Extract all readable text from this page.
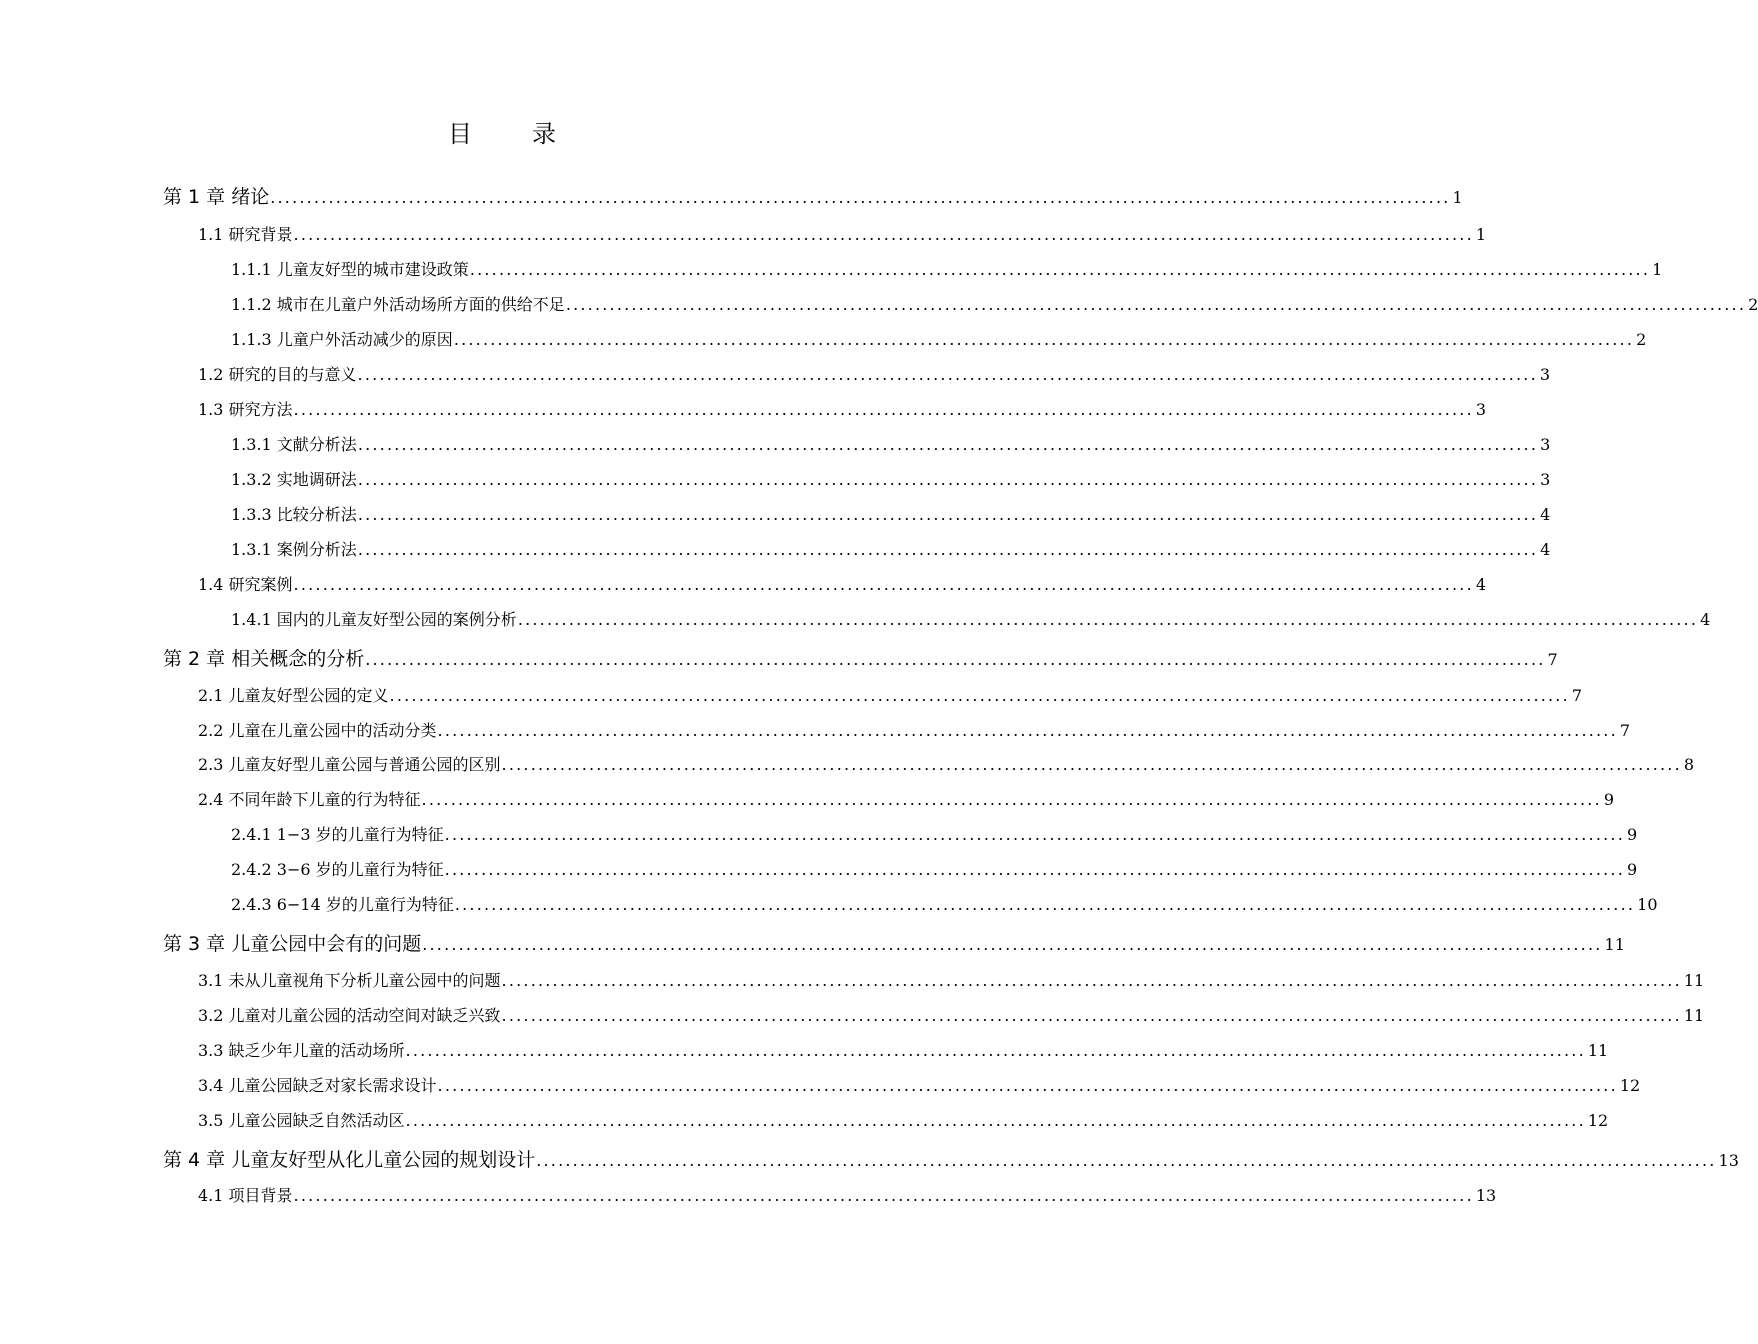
目　录
第 1 章 绪论 .................................................................................................................................................................. 1
1.1 研究背景 .................................................................................................................................................................. 1
1.1.1 儿童友好型的城市建设政策 .................................................................................................................................................................. 1
1.1.2 城市在儿童户外活动场所方面的供给不足 .................................................................................................................................................................. 2
1.1.3 儿童户外活动减少的原因 .................................................................................................................................................................. 2
1.2 研究的目的与意义 .................................................................................................................................................................. 3
1.3 研究方法 .................................................................................................................................................................. 3
1.3.1 文献分析法 .................................................................................................................................................................. 3
1.3.2 实地调研法 .................................................................................................................................................................. 3
1.3.3 比较分析法 .................................................................................................................................................................. 4
1.3.1 案例分析法 .................................................................................................................................................................. 4
1.4 研究案例 .................................................................................................................................................................. 4
1.4.1 国内的儿童友好型公园的案例分析 .................................................................................................................................................................. 4
第 2 章 相关概念的分析 .................................................................................................................................................................. 7
2.1 儿童友好型公园的定义 .................................................................................................................................................................. 7
2.2 儿童在儿童公园中的活动分类 .................................................................................................................................................................. 7
2.3 儿童友好型儿童公园与普通公园的区别 .................................................................................................................................................................. 8
2.4 不同年龄下儿童的行为特征 .................................................................................................................................................................. 9
2.4.1 1−3 岁的儿童行为特征 .................................................................................................................................................................. 9
2.4.2 3−6 岁的儿童行为特征 .................................................................................................................................................................. 9
2.4.3 6−14 岁的儿童行为特征 .................................................................................................................................................................. 10
第 3 章 儿童公园中会有的问题 .................................................................................................................................................................. 11
3.1 未从儿童视角下分析儿童公园中的问题 .................................................................................................................................................................. 11
3.2 儿童对儿童公园的活动空间对缺乏兴致 .................................................................................................................................................................. 11
3.3 缺乏少年儿童的活动场所 .................................................................................................................................................................. 11
3.4 儿童公园缺乏对家长需求设计 .................................................................................................................................................................. 12
3.5 儿童公园缺乏自然活动区 .................................................................................................................................................................. 12
第 4 章 儿童友好型从化儿童公园的规划设计 .................................................................................................................................................................. 13
4.1 项目背景 .................................................................................................................................................................. 13
